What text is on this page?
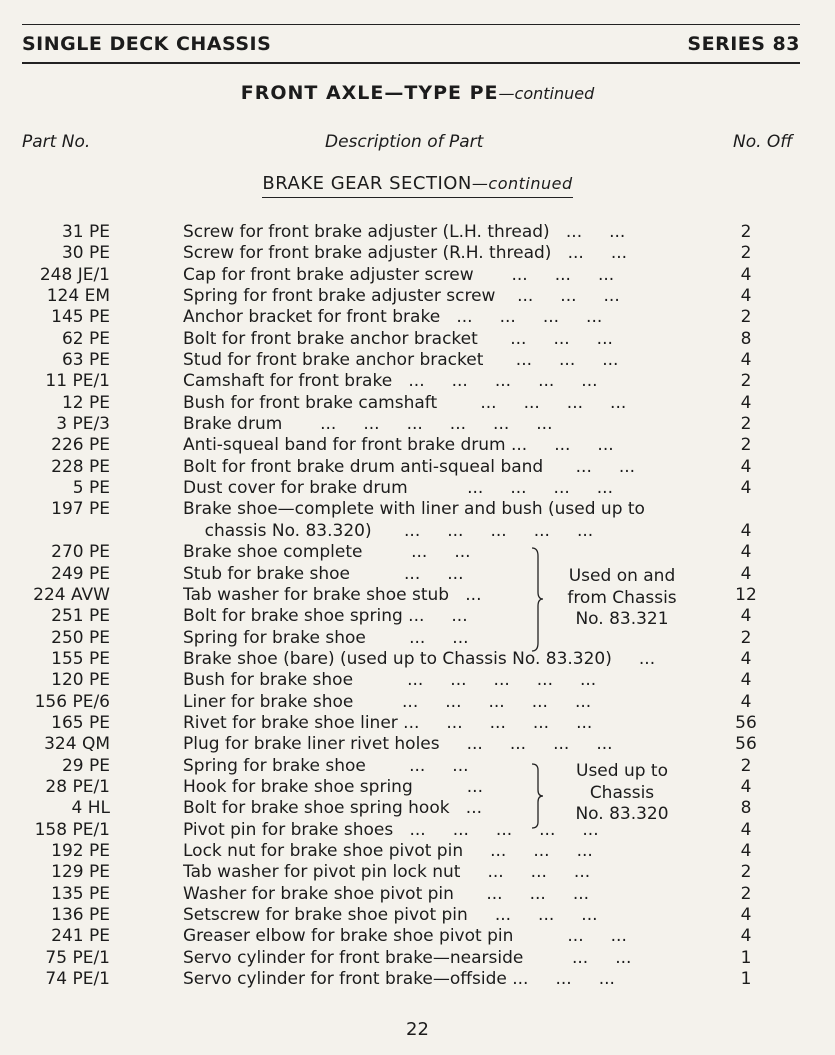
SINGLE DECK CHASSIS	SERIES 83
FRONT AXLE—TYPE PE—continued
Part No.	Description of Part	No. Off
BRAKE GEAR SECTION—continued
31 PE	Screw for front brake adjuster (L.H. thread)   ...     ...	2
30 PE	Screw for front brake adjuster (R.H. thread)   ...     ...	2
248 JE/1	Cap for front brake adjuster screw       ...     ...     ...	4
124 EM	Spring for front brake adjuster screw    ...     ...     ...	4
145 PE	Anchor bracket for front brake   ...     ...     ...     ...	2
62 PE	Bolt for front brake anchor bracket      ...     ...     ...	8
63 PE	Stud for front brake anchor bracket      ...     ...     ...	4
11 PE/1	Camshaft for front brake   ...     ...     ...     ...     ...	2
12 PE	Bush for front brake camshaft        ...     ...     ...     ...	4
3 PE/3	Brake drum       ...     ...     ...     ...     ...     ...	2
226 PE	Anti-squeal band for front brake drum ...     ...     ...	2
228 PE	Bolt for front brake drum anti-squeal band      ...     ...	4
5 PE	Dust cover for brake drum           ...     ...     ...     ...	4
197 PE	Brake shoe—complete with liner and bush (used up to
chassis No. 83.320)      ...     ...     ...     ...     ...	4
270 PE	Brake shoe complete         ...     ...	4
249 PE	Stub for brake shoe          ...     ...	4
224 AVW	Tab washer for brake shoe stub   ...	12
251 PE	Bolt for brake shoe spring ...     ...	4
250 PE	Spring for brake shoe        ...     ...	2
155 PE	Brake shoe (bare) (used up to Chassis No. 83.320)     ...	4
120 PE	Bush for brake shoe          ...     ...     ...     ...     ...	4
156 PE/6	Liner for brake shoe         ...     ...     ...     ...     ...	4
165 PE	Rivet for brake shoe liner ...     ...     ...     ...     ...	56
324 QM	Plug for brake liner rivet holes     ...     ...     ...     ...	56
29 PE	Spring for brake shoe        ...     ...	2
28 PE/1	Hook for brake shoe spring          ...	4
4 HL	Bolt for brake shoe spring hook   ...	8
158 PE/1	Pivot pin for brake shoes   ...     ...     ...     ...     ...	4
192 PE	Lock nut for brake shoe pivot pin     ...     ...     ...	4
129 PE	Tab washer for pivot pin lock nut     ...     ...     ...	2
135 PE	Washer for brake shoe pivot pin      ...     ...     ...	2
136 PE	Setscrew for brake shoe pivot pin     ...     ...     ...	4
241 PE	Greaser elbow for brake shoe pivot pin          ...     ...	4
75 PE/1	Servo cylinder for front brake—nearside         ...     ...	1
74 PE/1	Servo cylinder for front brake—offside ...     ...     ...	1
Used on and
from Chassis
No. 83.321
Used up to
Chassis
No. 83.320
22
